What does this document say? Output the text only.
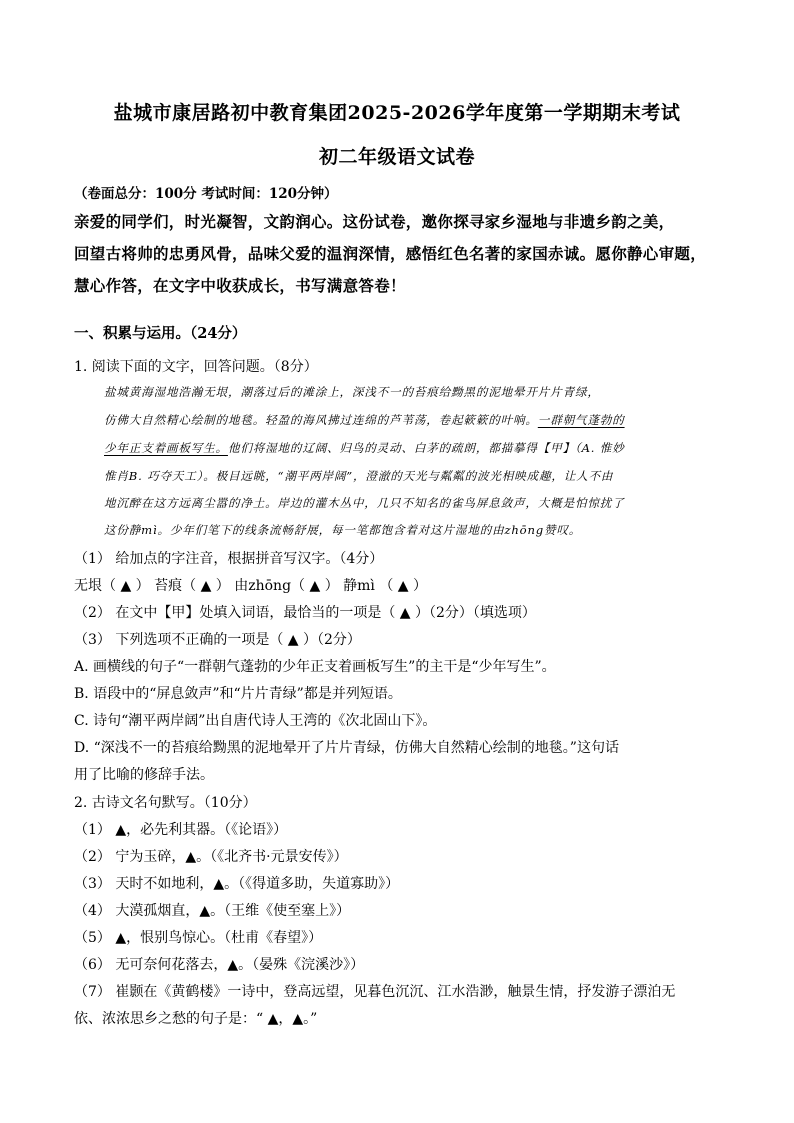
盐城市康居路初中教育集团2025-2026学年度第一学期期末考试
初二年级语文试卷
（卷面总分：100分 考试时间：120分钟）
亲爱的同学们，时光凝智，文韵润心。这份试卷，邀你探寻家乡湿地与非遗乡韵之美，
回望古将帅的忠勇风骨，品味父爱的温润深情，感悟红色名著的家国赤诚。愿你静心审题，
慧心作答，在文字中收获成长，书写满意答卷！
一、积累与运用。（24分）
1. 阅读下面的文字，回答问题。（8分）
盐城黄海湿地浩瀚无垠，潮落过后的滩涂上，深浅不一的苔痕给黝黑的泥地晕开片片青绿，
仿佛大自然精心绘制的地毯。轻盈的海风拂过连绵的芦苇荡，卷起簌簌的叶响。一群朝气蓬勃的
少年正支着画板写生。他们将湿地的辽阔、归鸟的灵动、白茅的疏朗，都描摹得【甲】（A. 惟妙
惟肖B. 巧夺天工）。极目远眺，“潮平两岸阔”，澄澈的天光与粼粼的波光相映成趣，让人不由
地沉醉在这方远离尘嚣的净土。岸边的灌木丛中，几只不知名的雀鸟屏息敛声，大概是怕惊扰了
这份静mì。少年们笔下的线条流畅舒展，每一笔都饱含着对这片湿地的由zhōng赞叹。
（1） 给加点的字注音，根据拼音写汉字。（4分）
无垠（ ▲ ） 苔痕（ ▲ ） 由zhōng（ ▲ ） 静mì （ ▲ ）
（2） 在文中【甲】处填入词语，最恰当的一项是（ ▲ ）（2分）（填选项）
（3） 下列选项不正确的一项是（ ▲ ）（2分）
A. 画横线的句子“一群朝气蓬勃的少年正支着画板写生”的主干是“少年写生”。
B. 语段中的“屏息敛声”和“片片青绿”都是并列短语。
C. 诗句“潮平两岸阔”出自唐代诗人王湾的《次北固山下》。
D. “深浅不一的苔痕给黝黑的泥地晕开了片片青绿，仿佛大自然精心绘制的地毯。”这句话
用了比喻的修辞手法。
2. 古诗文名句默写。（10分）
（1） ▲，必先利其器。（《论语》）
（2） 宁为玉碎，▲。（《北齐书·元景安传》）
（3） 天时不如地利，▲。（《得道多助，失道寡助》）
（4） 大漠孤烟直，▲。（王维《使至塞上》）
（5） ▲，恨别鸟惊心。（杜甫《春望》）
（6） 无可奈何花落去，▲。（晏殊《浣溪沙》）
（7） 崔颢在《黄鹤楼》一诗中，登高远望，见暮色沉沉、江水浩渺，触景生情，抒发游子漂泊无
依、浓浓思乡之愁的句子是：“ ▲，▲。”
